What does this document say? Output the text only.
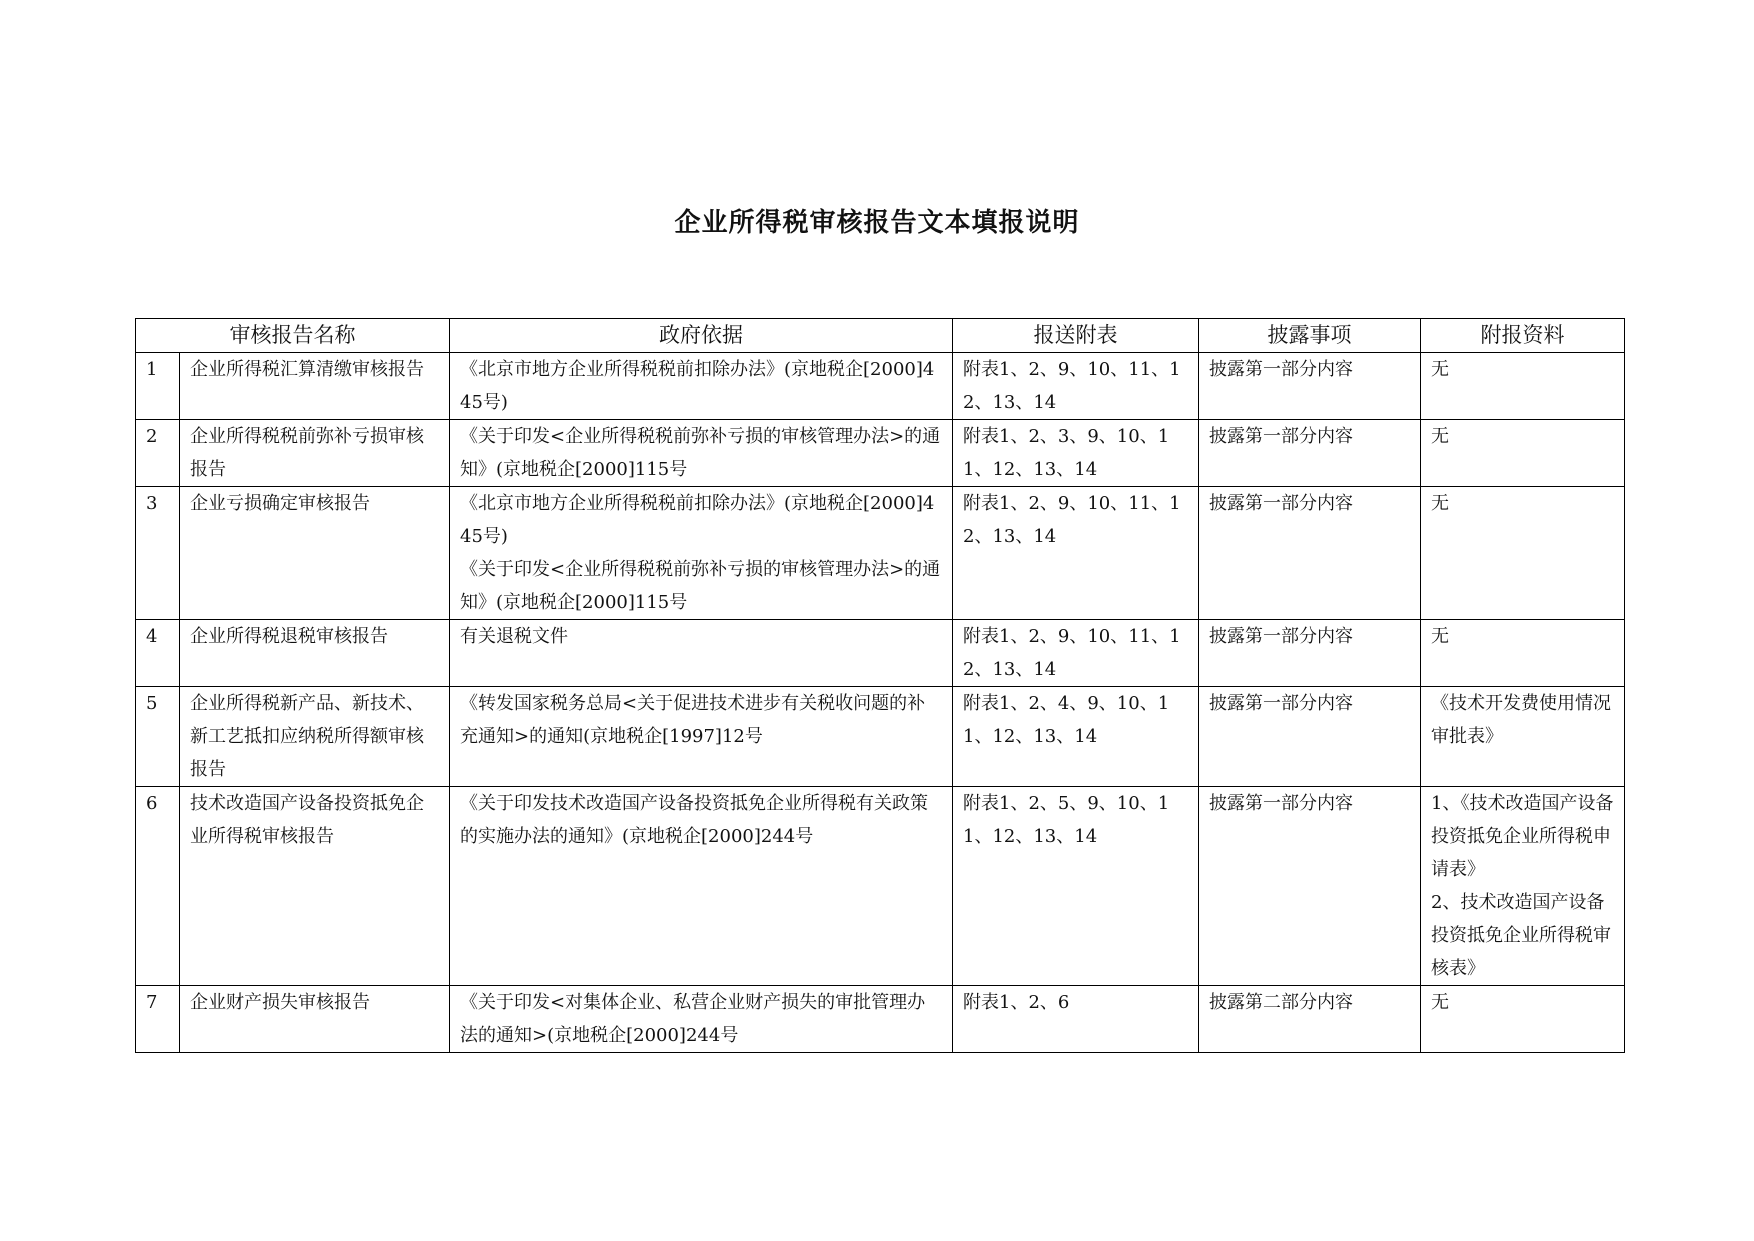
企业所得税审核报告文本填报说明
审核报告名称		政府依据	报送附表	披露事项	附报资料
1	企业所得税汇算清缴审核报告	《北京市地方企业所得税税前扣除办法》(京地税企[2000]445号)	附表1、2、9、10、11、12、13、14	披露第一部分内容	无
2	企业所得税税前弥补亏损审核报告	《关于印发<企业所得税税前弥补亏损的审核管理办法>的通知》(京地税企[2000]115号	附表1、2、3、9、10、11、12、13、14	披露第一部分内容	无
3	企业亏损确定审核报告	《北京市地方企业所得税税前扣除办法》(京地税企[2000]445号)
《关于印发<企业所得税税前弥补亏损的审核管理办法>的通知》(京地税企[2000]115号	附表1、2、9、10、11、12、13、14	披露第一部分内容	无
4	企业所得税退税审核报告	有关退税文件	附表1、2、9、10、11、12、13、14	披露第一部分内容	无
5	企业所得税新产品、新技术、新工艺抵扣应纳税所得额审核报告	《转发国家税务总局<关于促进技术进步有关税收问题的补充通知>的通知(京地税企[1997]12号	附表1、2、4、9、10、11、12、13、14	披露第一部分内容	《技术开发费使用情况审批表》
6	技术改造国产设备投资抵免企业所得税审核报告	《关于印发技术改造国产设备投资抵免企业所得税有关政策的实施办法的通知》(京地税企[2000]244号	附表1、2、5、9、10、11、12、13、14	披露第一部分内容	1、《技术改造国产设备投资抵免企业所得税申请表》
2、技术改造国产设备投资抵免企业所得税审核表》

7	企业财产损失审核报告	《关于印发<对集体企业、私营企业财产损失的审批管理办法的通知>(京地税企[2000]244号	附表1、2、6	披露第二部分内容	无
